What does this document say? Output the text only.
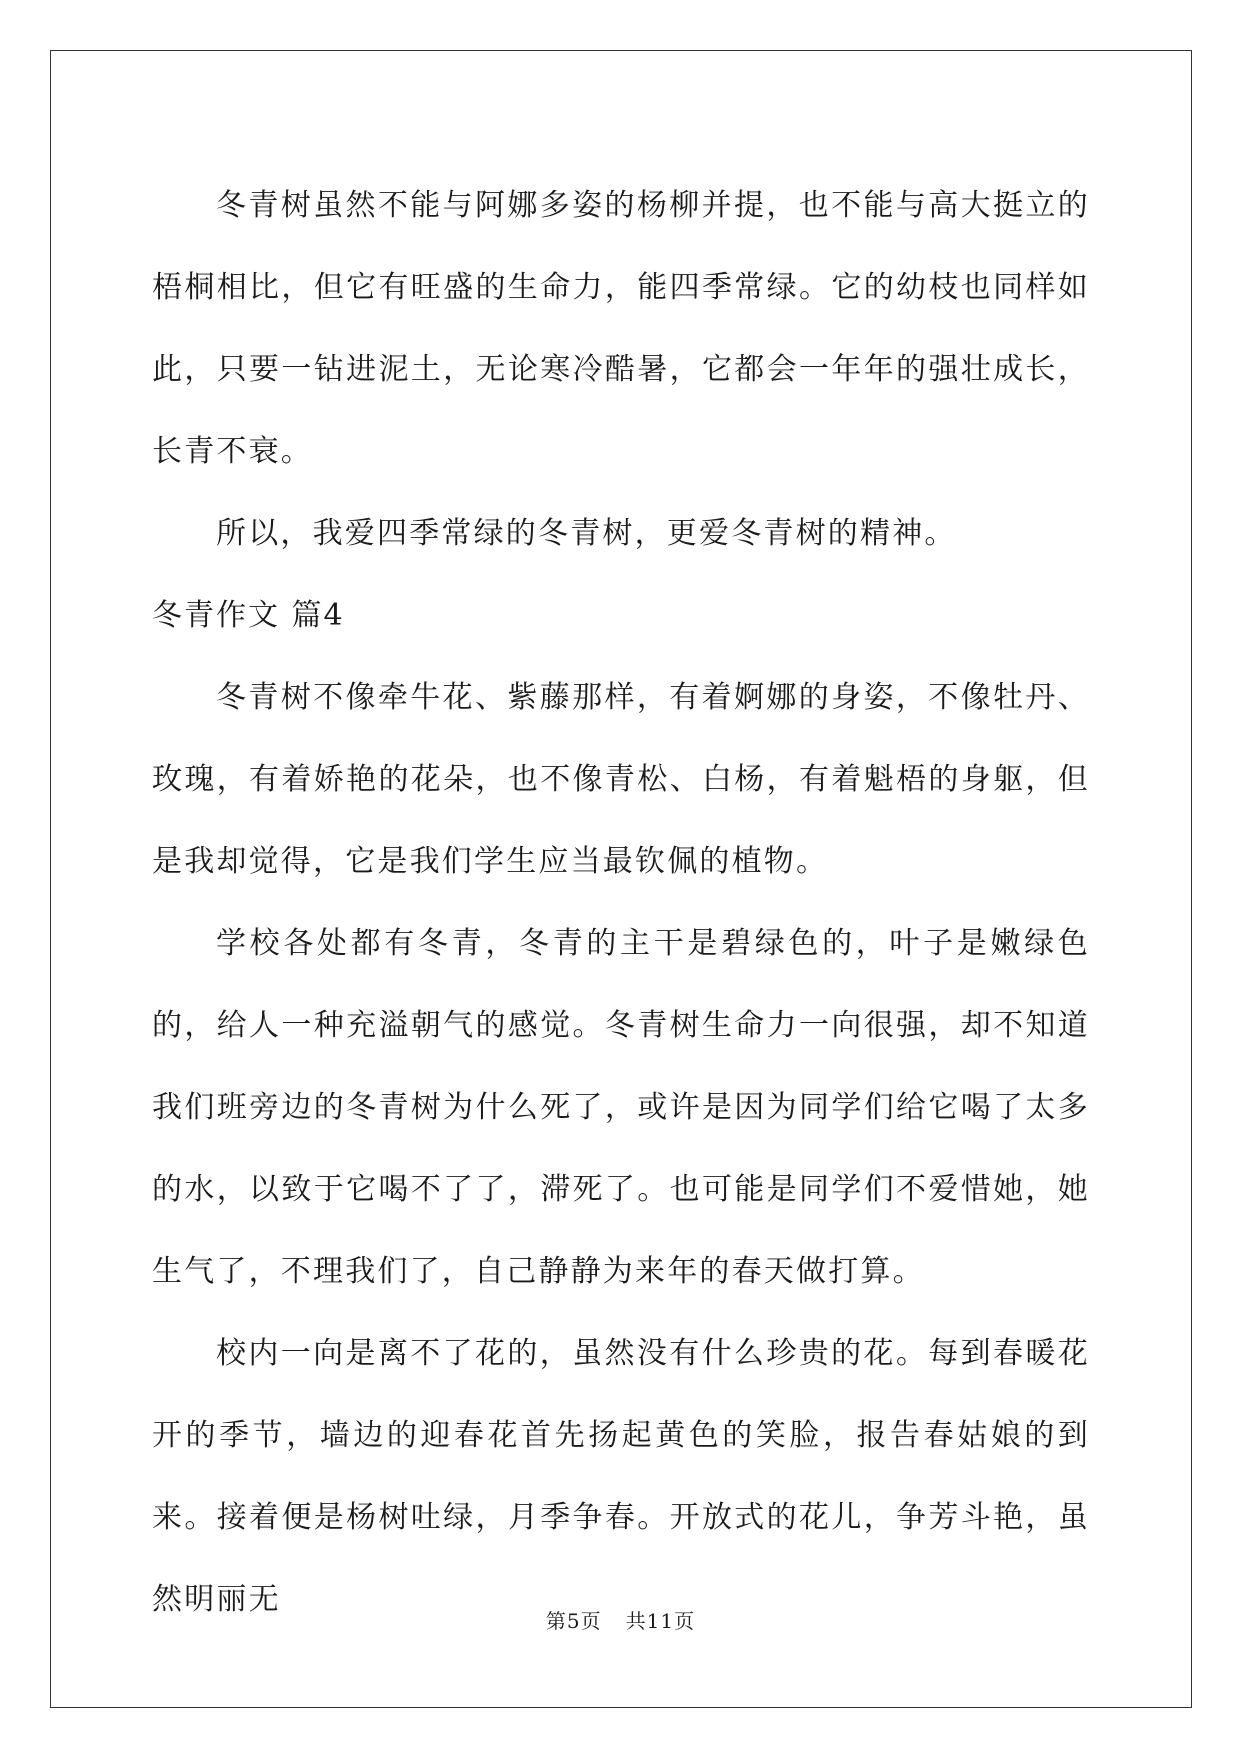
冬青树虽然不能与阿娜多姿的杨柳并提，也不能与高大挺立的梧桐相比，但它有旺盛的生命力，能四季常绿。它的幼枝也同样如此，只要一钻进泥土，无论寒冷酷暑，它都会一年年的强壮成长，长青不衰。

所以，我爱四季常绿的冬青树，更爱冬青树的精神。

冬青作文 篇4

冬青树不像牵牛花、紫藤那样，有着婀娜的身姿，不像牡丹、玫瑰，有着娇艳的花朵，也不像青松、白杨，有着魁梧的身躯，但是我却觉得，它是我们学生应当最钦佩的植物。

学校各处都有冬青，冬青的主干是碧绿色的，叶子是嫩绿色的，给人一种充溢朝气的感觉。冬青树生命力一向很强，却不知道我们班旁边的冬青树为什么死了，或许是因为同学们给它喝了太多的水，以致于它喝不了了，滞死了。也可能是同学们不爱惜她，她生气了，不理我们了，自己静静为来年的春天做打算。

校内一向是离不了花的，虽然没有什么珍贵的花。每到春暖花开的季节，墙边的迎春花首先扬起黄色的笑脸，报告春姑娘的到来。接着便是杨树吐绿，月季争春。开放式的花儿，争芳斗艳，虽然明丽无

第5页 共11页
